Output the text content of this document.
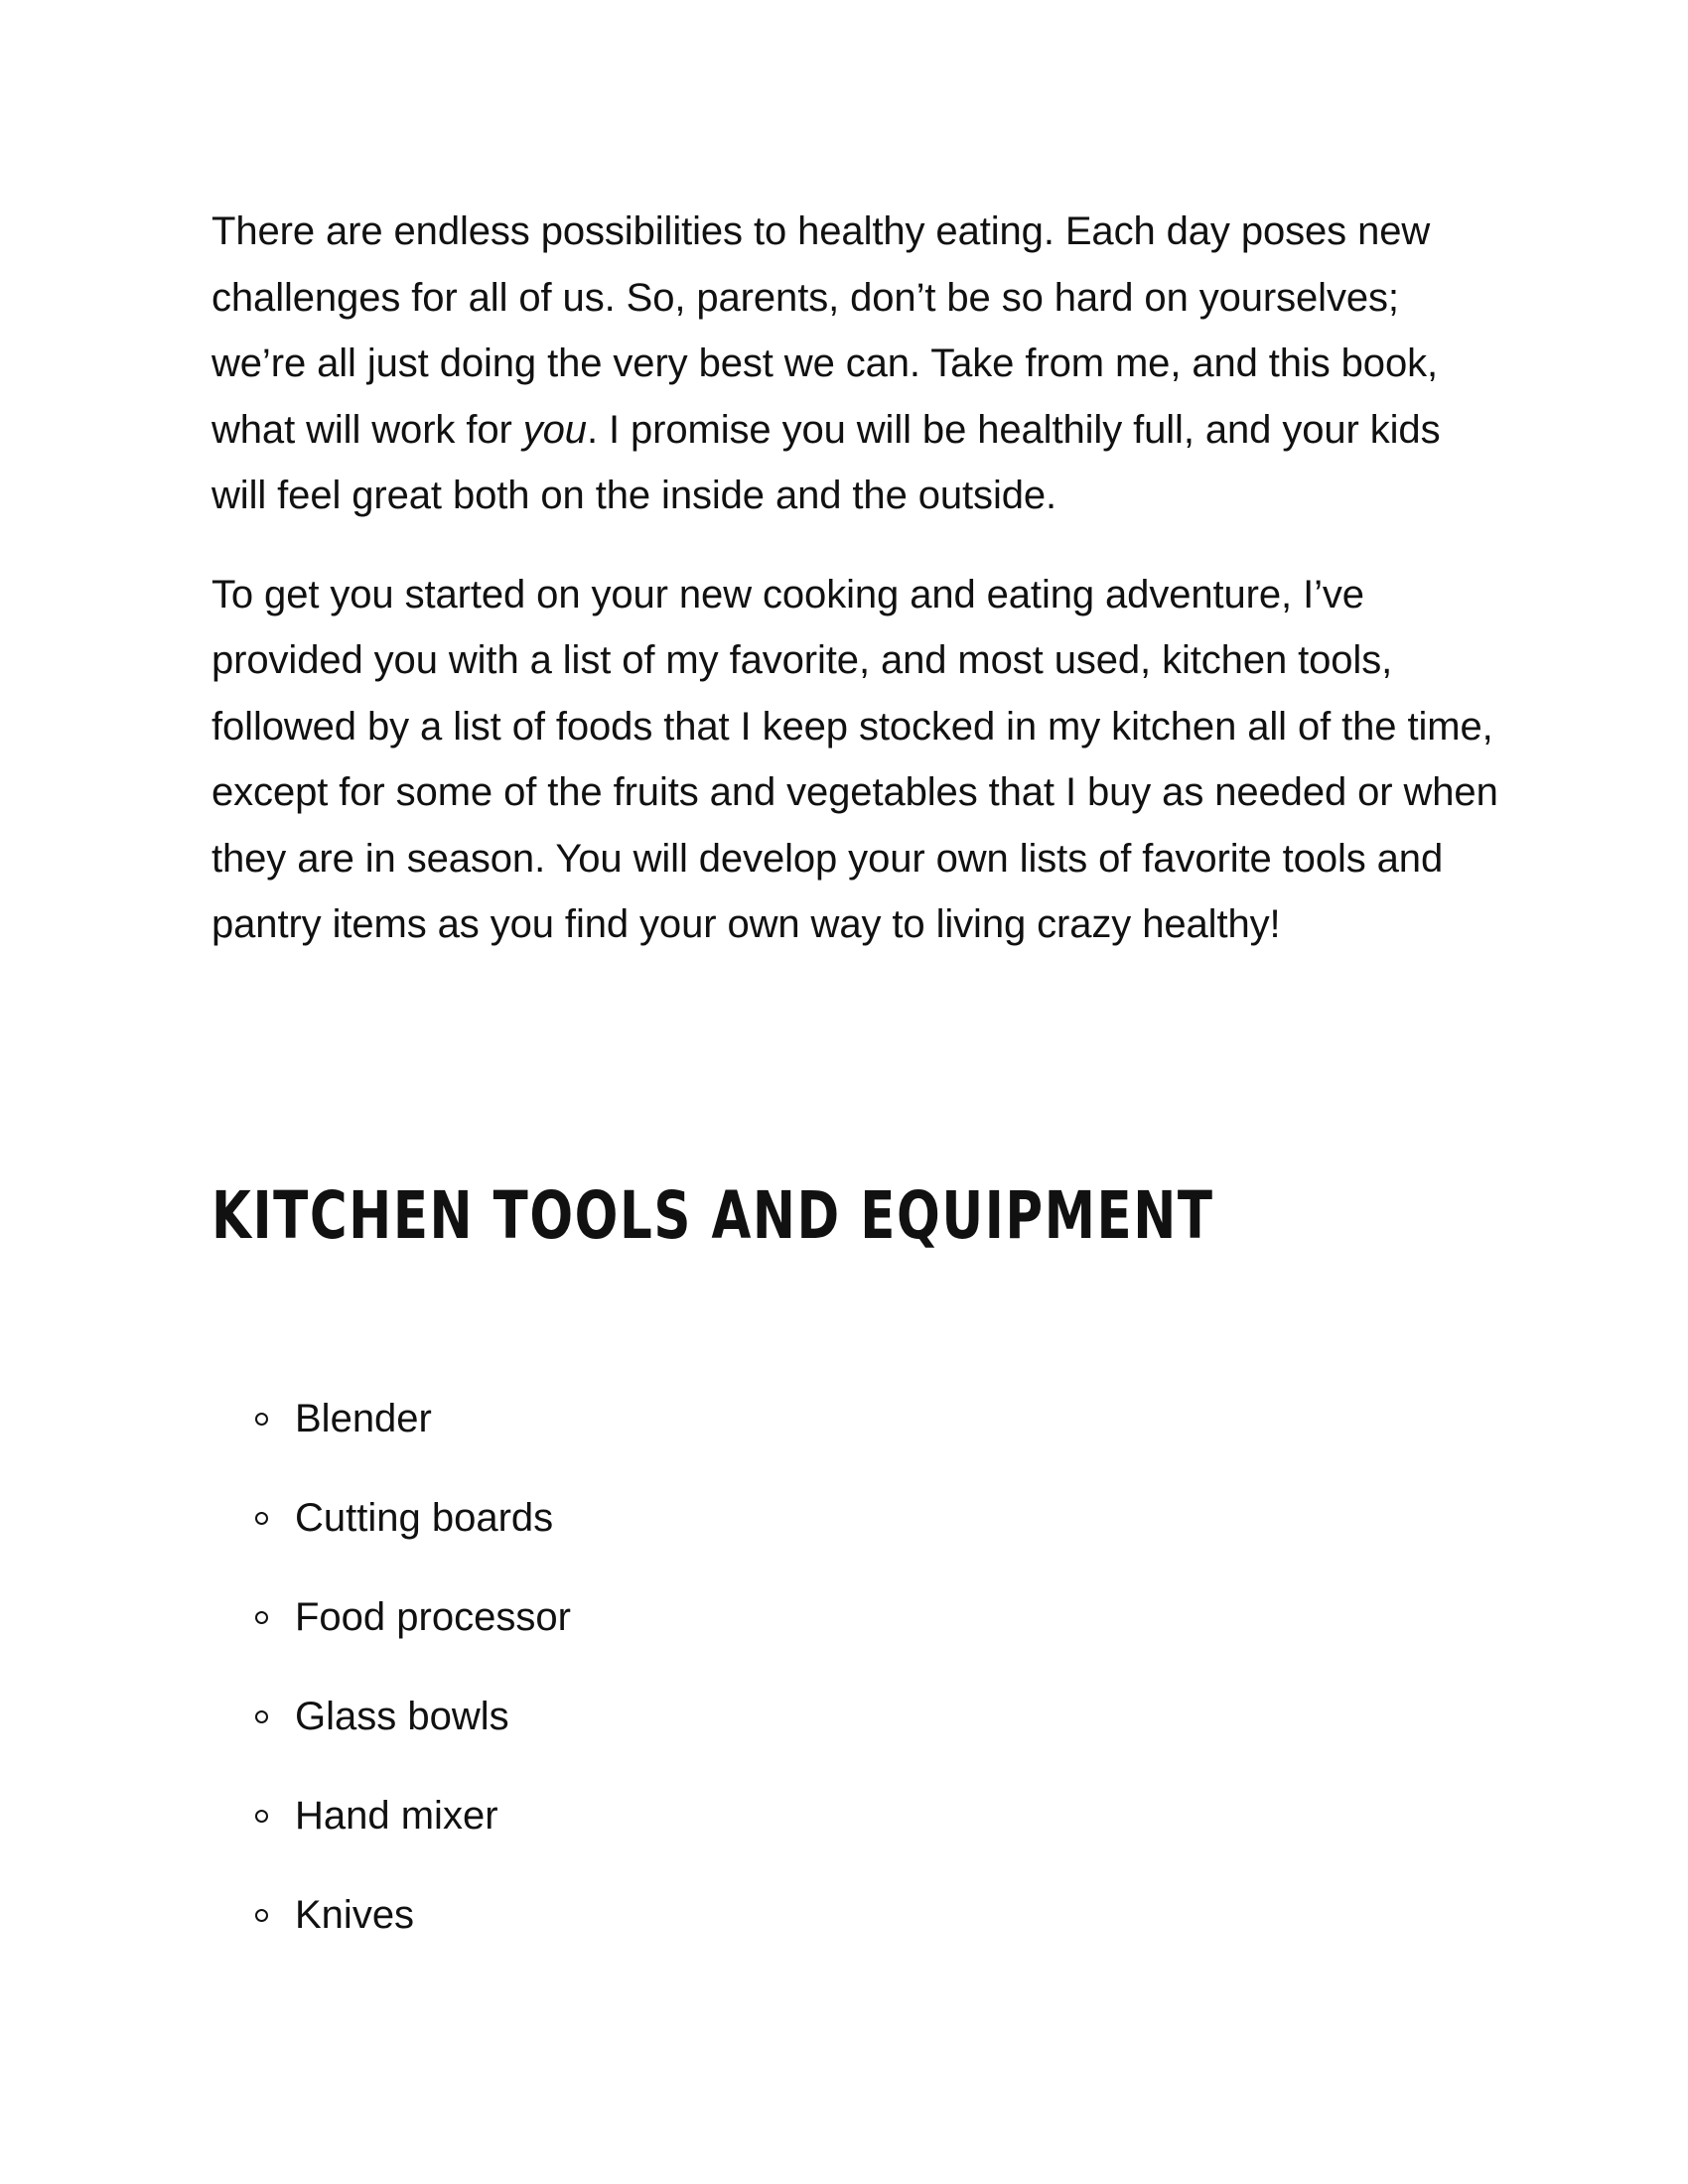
There are endless possibilities to healthy eating. Each day poses new challenges for all of us. So, parents, don’t be so hard on yourselves; we’re all just doing the very best we can. Take from me, and this book, what will work for you. I promise you will be healthily full, and your kids will feel great both on the inside and the outside.

To get you started on your new cooking and eating adventure, I’ve provided you with a list of my favorite, and most used, kitchen tools, followed by a list of foods that I keep stocked in my kitchen all of the time, except for some of the fruits and vegetables that I buy as needed or when they are in season. You will develop your own lists of favorite tools and pantry items as you find your own way to living crazy healthy!

KITCHEN TOOLS AND EQUIPMENT
Blender
Cutting boards
Food processor
Glass bowls
Hand mixer
Knives
